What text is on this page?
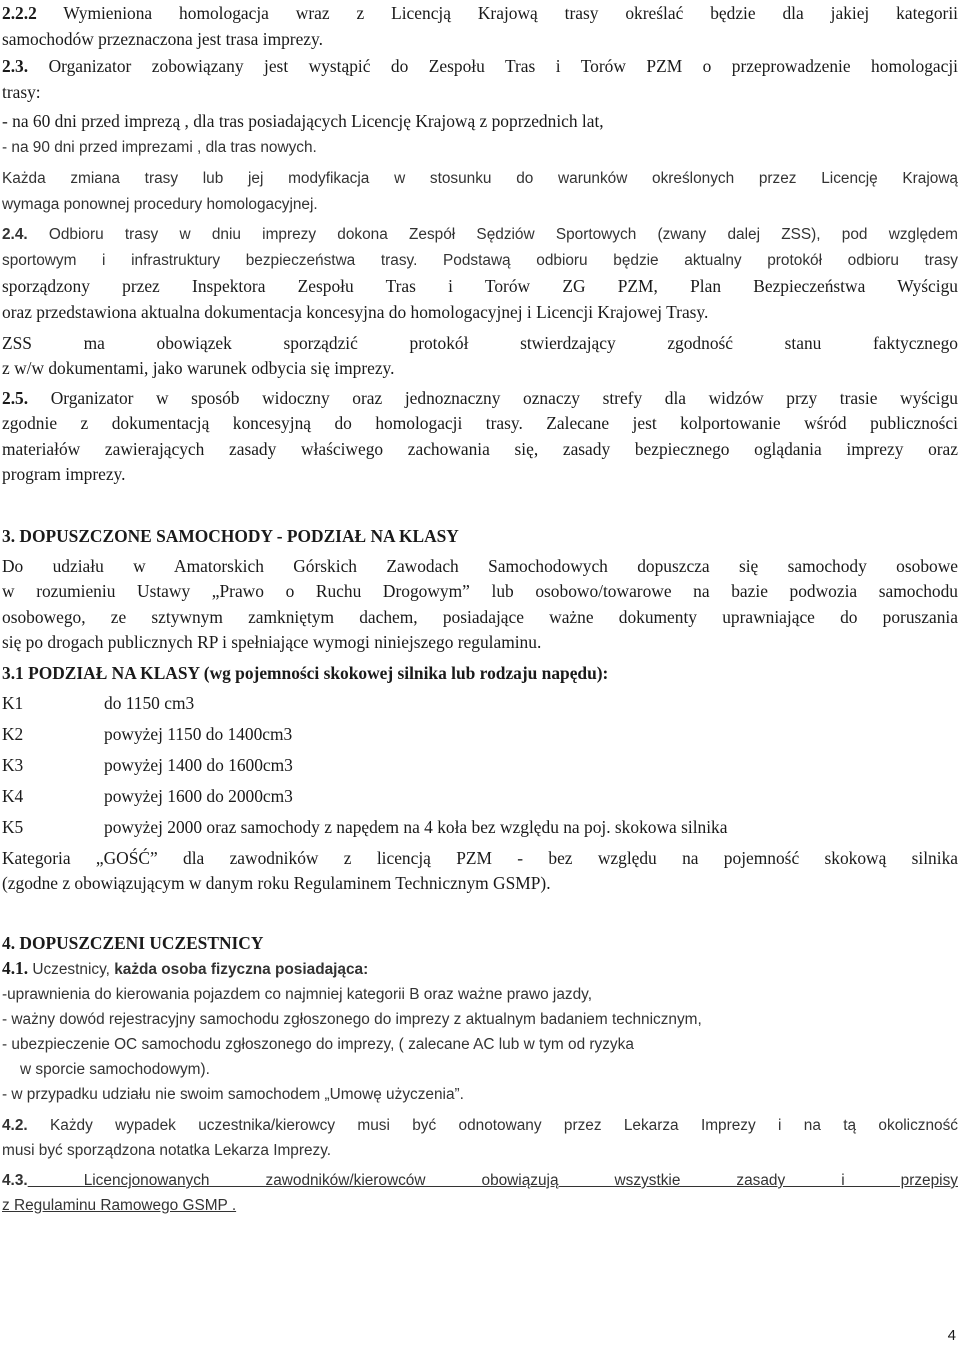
2.2.2 Wymieniona homologacja wraz z Licencją Krajową trasy określać będzie dla jakiej kategorii

samochodów przeznaczona jest trasa imprezy.

2.3. Organizator zobowiązany jest wystąpić do Zespołu Tras i Torów PZM o przeprowadzenie homologacji

trasy:

- na 60 dni przed imprezą , dla tras posiadających Licencję Krajową z poprzednich lat,

- na 90 dni przed imprezami , dla tras nowych.

Każda zmiana trasy lub jej modyfikacja w stosunku do warunków określonych przez Licencję Krajową

wymaga ponownej procedury homologacyjnej.

2.4. Odbioru trasy w dniu imprezy dokona Zespół Sędziów Sportowych (zwany dalej ZSS), pod względem

sportowym i infrastruktury bezpieczeństwa trasy. Podstawą odbioru będzie aktualny protokół odbioru trasy

sporządzony przez Inspektora Zespołu Tras i Torów ZG PZM, Plan Bezpieczeństwa Wyścigu

oraz przedstawiona aktualna dokumentacja koncesyjna do homologacyjnej i Licencji Krajowej Trasy.

ZSS ma obowiązek sporządzić protokół stwierdzający zgodność stanu faktycznego

z w/w dokumentami, jako warunek odbycia się imprezy.

2.5. Organizator w sposób widoczny oraz jednoznaczny oznaczy strefy dla widzów przy trasie wyścigu

zgodnie z dokumentacją koncesyjną do homologacji trasy. Zalecane jest kolportowanie wśród publiczności

materiałów zawierających zasady właściwego zachowania się, zasady bezpiecznego oglądania imprezy oraz

program imprezy.

3. DOPUSZCZONE SAMOCHODY - PODZIAŁ NA KLASY

Do udziału w Amatorskich Górskich Zawodach Samochodowych dopuszcza się samochody osobowe

w rozumieniu Ustawy „Prawo o Ruchu Drogowym” lub osobowo/towarowe na bazie podwozia samochodu

osobowego, ze sztywnym zamkniętym dachem, posiadające ważne dokumenty uprawniające do poruszania

się po drogach publicznych RP i spełniające wymogi niniejszego regulaminu.

3.1 PODZIAŁ NA KLASY (wg pojemności skokowej silnika lub rodzaju napędu):

K1	do 1150 cm3
K2	powyżej 1150 do 1400cm3
K3	powyżej 1400 do 1600cm3
K4	powyżej 1600 do 2000cm3
K5	powyżej 2000 oraz samochody z napędem na 4 koła bez względu na poj. skokowa silnika

Kategoria „GOŚĆ” dla zawodników z licencją PZM - bez względu na pojemność skokową silnika

(zgodne z obowiązującym w danym roku Regulaminem Technicznym GSMP).

4. DOPUSZCZENI UCZESTNICY

4.1. Uczestnicy, każda osoba fizyczna posiadająca:

-uprawnienia do kierowania pojazdem co najmniej kategorii B oraz ważne prawo jazdy,

- ważny dowód rejestracyjny samochodu zgłoszonego do imprezy z aktualnym badaniem technicznym,

- ubezpieczenie OC samochodu zgłoszonego do imprezy, ( zalecane AC lub w tym od ryzyka

w sporcie samochodowym).

- w przypadku udziału nie swoim samochodem „Umowę użyczenia”.

4.2. Każdy wypadek uczestnika/kierowcy musi być odnotowany przez Lekarza Imprezy i na tą okoliczność

musi być sporządzona notatka Lekarza Imprezy.

4.3. Licencjonowanych zawodników/kierowców obowiązują wszystkie zasady i przepisy

z Regulaminu Ramowego GSMP .

4
